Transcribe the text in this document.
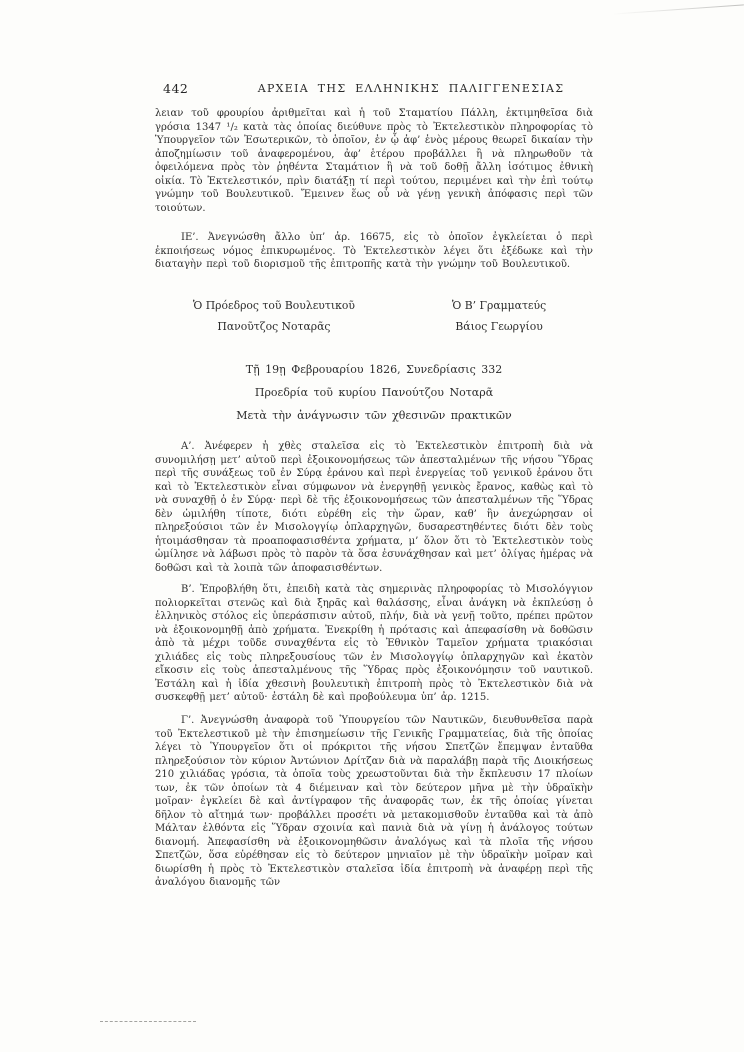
442	ΑΡΧΕΙΑ ΤΗΣ ΕΛΛΗΝΙΚΗΣ ΠΑΛΙΓΓΕΝΕΣΙΑΣ
λειαν τοῦ φρουρίου ἀριθμεῖται καὶ ἡ τοῦ Σταματίου Πάλλη, ἐκτιμηθεῖσα διὰ γρόσια 1347 ¹/₂ κατὰ τὰς ὁποίας διεύθυνε πρὸς τὸ Ἐκτελεστικὸν πληροφορίας τὸ Ὑπουργεῖον τῶν Ἐσωτερικῶν, τὸ ὁποῖον, ἐν ᾧ ἀφ’ ἑνὸς μέρους θεωρεῖ δικαίαν τὴν ἀποζημίωσιν τοῦ ἀναφερομένου, ἀφ’ ἑτέρου προβάλλει ἢ νὰ πληρωθοῦν τὰ ὀφειλόμενα πρὸς τὸν ῥηθέντα Σταμάτιον ἢ νὰ τοῦ δοθῇ ἄλλη ἰσότιμος ἐθνικὴ οἰκία. Τὸ Ἐκτελεστικόν, πρὶν διατάξῃ τί περὶ τούτου, περιμένει καὶ τὴν ἐπὶ τούτῳ γνώμην τοῦ Βουλευτικοῦ. Ἔμεινεν ἕως οὗ νὰ γένῃ γενικὴ ἀπόφασις περὶ τῶν τοιούτων.
ΙΕ’. Ἀνεγνώσθη ἄλλο ὑπ’ ἀρ. 16675, εἰς τὸ ὁποῖον ἐγκλείεται ὁ περὶ ἐκποιήσεως νόμος ἐπικυρωμένος. Τὸ Ἐκτελεστικὸν λέγει ὅτι ἐξέδωκε καὶ τὴν διαταγὴν περὶ τοῦ διορισμοῦ τῆς ἐπιτροπῆς κατὰ τὴν γνώμην τοῦ Βουλευτικοῦ.
Ὁ Πρόεδρος τοῦ Βουλευτικοῦ
Πανοῦτζος Νοταρᾶς
Ὁ Β’ Γραμματεύς
Βάιος Γεωργίου

Τῇ 19ῃ Φεβρουαρίου 1826, Συνεδρίασις 332

Προεδρία τοῦ κυρίου Πανούτζου Νοταρᾶ

Μετὰ τὴν ἀνάγνωσιν τῶν χθεσινῶν πρακτικῶν

Α’. Ἀνέφερεν ἡ χθὲς σταλεῖσα εἰς τὸ Ἐκτελεστικὸν ἐπιτροπὴ διὰ νὰ συνομιλήσῃ μετ’ αὐτοῦ περὶ ἐξοικονομήσεως τῶν ἀπεσταλμένων τῆς νήσου Ὕδρας περὶ τῆς συνάξεως τοῦ ἐν Σύρᾳ ἐράνου καὶ περὶ ἐνεργείας τοῦ γενικοῦ ἐράνου ὅτι καὶ τὸ Ἐκτελεστικὸν εἶναι σύμφωνον νὰ ἐνεργηθῇ γενικὸς ἔρανος, καθὼς καὶ τὸ νὰ συναχθῇ ὁ ἐν Σύρᾳ· περὶ δὲ τῆς ἐξοικονομήσεως τῶν ἀπεσταλμένων τῆς Ὕδρας δὲν ὡμιλήθη τίποτε, διότι εὑρέθη εἰς τὴν ὥραν, καθ’ ἣν ἀνεχώρησαν οἱ πληρεξούσιοι τῶν ἐν Μισολογγίῳ ὁπλαρχηγῶν, δυσαρεστηθέντες διότι δὲν τοὺς ἡτοιμάσθησαν τὰ προαποφασισθέντα χρήματα, μ’ ὅλον ὅτι τὸ Ἐκτελεστικὸν τοὺς ὡμίλησε νὰ λάβωσι πρὸς τὸ παρὸν τὰ ὅσα ἐσυνάχθησαν καὶ μετ’ ὀλίγας ἡμέρας νὰ δοθῶσι καὶ τὰ λοιπὰ τῶν ἀποφασισθέντων.
Β’. Ἐπροβλήθη ὅτι, ἐπειδὴ κατὰ τὰς σημερινὰς πληροφορίας τὸ Μισολόγγιον πολιορκεῖται στενῶς καὶ διὰ ξηρᾶς καὶ θαλάσσης, εἶναι ἀνάγκη νὰ ἐκπλεύσῃ ὁ ἑλληνικὸς στόλος εἰς ὑπεράσπισιν αὐτοῦ, πλήν, διὰ νὰ γενῇ τοῦτο, πρέπει πρῶτον νὰ ἐξοικονομηθῇ ἀπὸ χρήματα. Ἐνεκρίθη ἡ πρότασις καὶ ἀπεφασίσθη νὰ δοθῶσιν ἀπὸ τὰ μέχρι τοῦδε συναχθέντα εἰς τὸ Ἐθνικὸν Ταμεῖον χρήματα τριακόσιαι χιλιάδες εἰς τοὺς πληρεξουσίους τῶν ἐν Μισολογγίῳ ὁπλαρχηγῶν καὶ ἑκατὸν εἴκοσιν εἰς τοὺς ἀπεσταλμένους τῆς Ὕδρας πρὸς ἐξοικονόμησιν τοῦ ναυτικοῦ. Ἐστάλη καὶ ἡ ἰδία χθεσινὴ βουλευτικὴ ἐπιτροπὴ πρὸς τὸ Ἐκτελεστικὸν διὰ νὰ συσκεφθῇ μετ’ αὐτοῦ· ἐστάλη δὲ καὶ προβούλευμα ὑπ’ ἀρ. 1215.
Γ’. Ἀνεγνώσθη ἀναφορὰ τοῦ Ὑπουργείου τῶν Ναυτικῶν, διευθυνθεῖσα παρὰ τοῦ Ἐκτελεστικοῦ μὲ τὴν ἐπισημείωσιν τῆς Γενικῆς Γραμματείας, διὰ τῆς ὁποίας λέγει τὸ Ὑπουργεῖον ὅτι οἱ πρόκριτοι τῆς νήσου Σπετζῶν ἔπεμψαν ἐνταῦθα πληρεξούσιον τὸν κύριον Ἀντώνιον Δρίτζαν διὰ νὰ παραλάβῃ παρὰ τῆς Διοικήσεως 210 χιλιάδας γρόσια, τὰ ὁποῖα τοὺς χρεωστοῦνται διὰ τὴν ἔκπλευσιν 17 πλοίων των, ἐκ τῶν ὁποίων τὰ 4 διέμειναν καὶ τὸν δεύτερον μῆνα μὲ τὴν ὑδραϊκὴν μοῖραν· ἐγκλείει δὲ καὶ ἀντίγραφον τῆς ἀναφορᾶς των, ἐκ τῆς ὁποίας γίνεται δῆλον τὸ αἴτημά των· προβάλλει προσέτι νὰ μετακομισθοῦν ἐνταῦθα καὶ τὰ ἀπὸ Μάλταν ἐλθόντα εἰς Ὕδραν σχοινία καὶ πανιὰ διὰ νὰ γίνῃ ἡ ἀνάλογος τούτων διανομή. Ἀπεφασίσθη νὰ ἐξοικονομηθῶσιν ἀναλόγως καὶ τὰ πλοῖα τῆς νήσου Σπετζῶν, ὅσα εὑρέθησαν εἰς τὸ δεύτερον μηνιαῖον μὲ τὴν ὑδραϊκὴν μοῖραν καὶ διωρίσθη ἡ πρὸς τὸ Ἐκτελεστικὸν σταλεῖσα ἰδία ἐπιτροπὴ νὰ ἀναφέρῃ περὶ τῆς ἀναλόγου διανομῆς τῶν
